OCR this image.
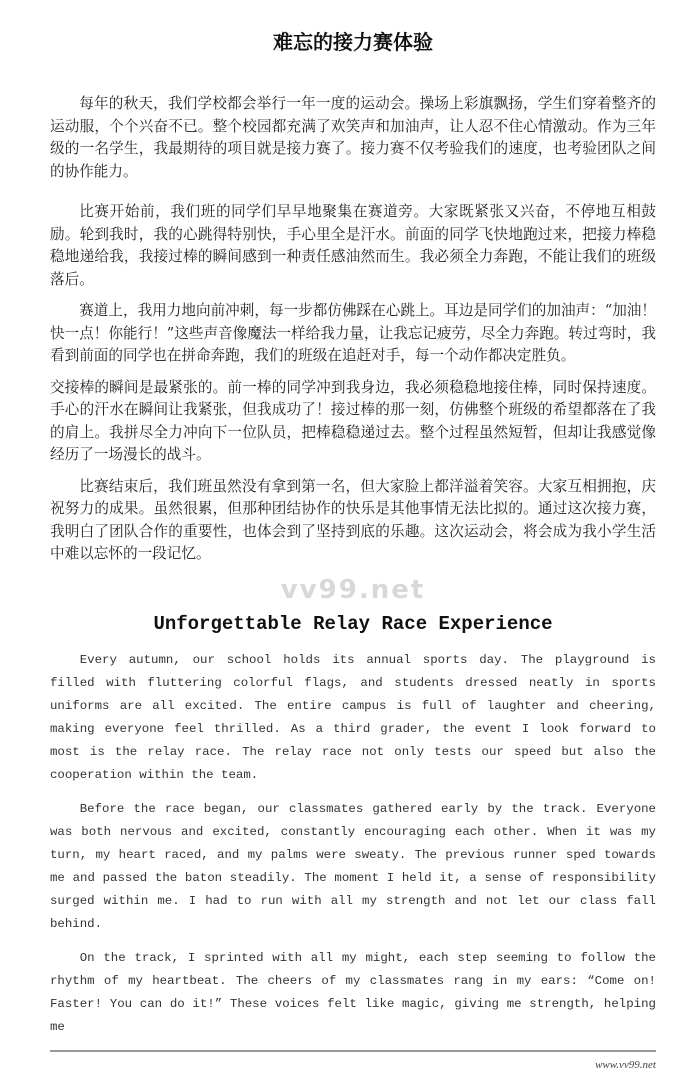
难忘的接力赛体验

每年的秋天，我们学校都会举行一年一度的运动会。操场上彩旗飘扬，学生们穿着整齐的运动服，个个兴奋不已。整个校园都充满了欢笑声和加油声，让人忍不住心情激动。作为三年级的一名学生，我最期待的项目就是接力赛了。接力赛不仅考验我们的速度，也考验团队之间的协作能力。

比赛开始前，我们班的同学们早早地聚集在赛道旁。大家既紧张又兴奋，不停地互相鼓励。轮到我时，我的心跳得特别快，手心里全是汗水。前面的同学飞快地跑过来，把接力棒稳稳地递给我，我接过棒的瞬间感到一种责任感油然而生。我必须全力奔跑，不能让我们的班级落后。

赛道上，我用力地向前冲刺，每一步都仿佛踩在心跳上。耳边是同学们的加油声：“加油！快一点！你能行！”这些声音像魔法一样给我力量，让我忘记疲劳，尽全力奔跑。转过弯时，我看到前面的同学也在拼命奔跑，我们的班级在追赶对手，每一个动作都决定胜负。

交接棒的瞬间是最紧张的。前一棒的同学冲到我身边，我必须稳稳地接住棒，同时保持速度。手心的汗水在瞬间让我紧张，但我成功了！接过棒的那一刻，仿佛整个班级的希望都落在了我的肩上。我拼尽全力冲向下一位队员，把棒稳稳递过去。整个过程虽然短暂，但却让我感觉像经历了一场漫长的战斗。

比赛结束后，我们班虽然没有拿到第一名，但大家脸上都洋溢着笑容。大家互相拥抱，庆祝努力的成果。虽然很累，但那种团结协作的快乐是其他事情无法比拟的。通过这次接力赛，我明白了团队合作的重要性，也体会到了坚持到底的乐趣。这次运动会，将会成为我小学生活中难以忘怀的一段记忆。

vv99.net
Unforgettable Relay Race Experience

Every autumn, our school holds its annual sports day. The playground is filled with fluttering colorful flags, and students dressed neatly in sports uniforms are all excited. The entire campus is full of laughter and cheering, making everyone feel thrilled. As a third grader, the event I look forward to most is the relay race. The relay race not only tests our speed but also the cooperation within the team.

Before the race began, our classmates gathered early by the track. Everyone was both nervous and excited, constantly encouraging each other. When it was my turn, my heart raced, and my palms were sweaty. The previous runner sped towards me and passed the baton steadily. The moment I held it, a sense of responsibility surged within me. I had to run with all my strength and not let our class fall behind.

On the track, I sprinted with all my might, each step seeming to follow the rhythm of my heartbeat. The cheers of my classmates rang in my ears: “Come on! Faster! You can do it!” These voices felt like magic, giving me strength, helping me

www.vv99.net
